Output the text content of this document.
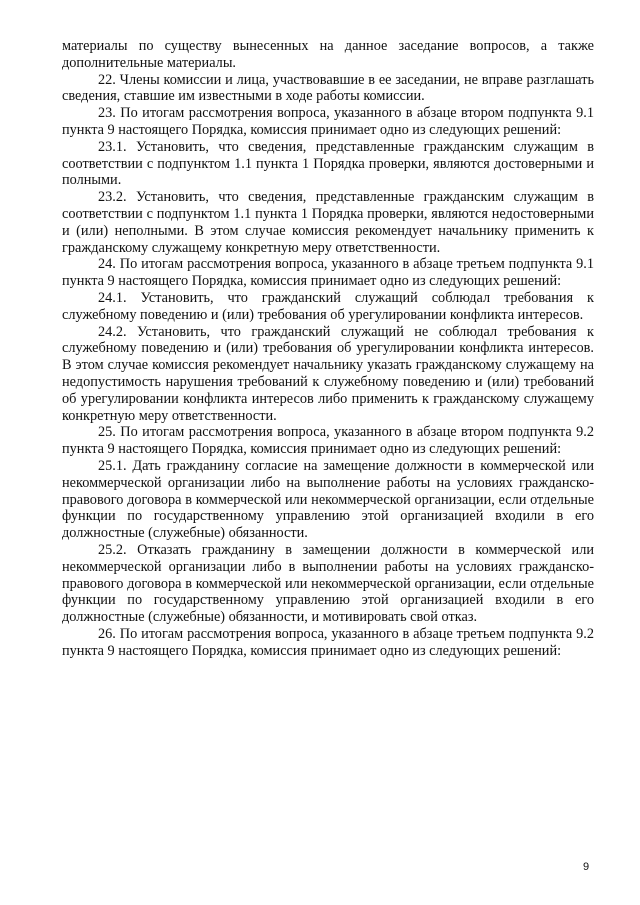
материалы по существу вынесенных на данное заседание вопросов, а также дополнительные материалы.

22. Члены комиссии и лица, участвовавшие в ее заседании, не вправе разглашать сведения, ставшие им известными в ходе работы комиссии.

23. По итогам рассмотрения вопроса, указанного в абзаце втором подпункта 9.1 пункта 9 настоящего Порядка, комиссия принимает одно из следующих решений:

23.1. Установить, что сведения, представленные гражданским служащим в соответствии с подпунктом 1.1 пункта 1 Порядка проверки, являются достоверными и полными.

23.2. Установить, что сведения, представленные гражданским служащим в соответствии с подпунктом 1.1 пункта 1 Порядка проверки, являются недостоверными и (или) неполными. В этом случае комиссия рекомендует начальнику применить к гражданскому служащему конкретную меру ответственности.

24. По итогам рассмотрения вопроса, указанного в абзаце третьем подпункта 9.1 пункта 9 настоящего Порядка, комиссия принимает одно из следующих решений:

24.1. Установить, что гражданский служащий соблюдал требования к служебному поведению и (или) требования об урегулировании конфликта интересов.

24.2. Установить, что гражданский служащий не соблюдал требования к служебному поведению и (или) требования об урегулировании конфликта интересов. В этом случае комиссия рекомендует начальнику указать гражданскому служащему на недопустимость нарушения требований к служебному поведению и (или) требований об урегулировании конфликта интересов либо применить к гражданскому служащему конкретную меру ответственности.

25. По итогам рассмотрения вопроса, указанного в абзаце втором подпункта 9.2 пункта 9 настоящего Порядка, комиссия принимает одно из следующих решений:

25.1. Дать гражданину согласие на замещение должности в коммерческой или некоммерческой организации либо на выполнение работы на условиях гражданско-правового договора в коммерческой или некоммерческой организации, если отдельные функции по государственному управлению этой организацией входили в его должностные (служебные) обязанности.

25.2. Отказать гражданину в замещении должности в коммерческой или некоммерческой организации либо в выполнении работы на условиях гражданско-правового договора в коммерческой или некоммерческой организации, если отдельные функции по государственному управлению этой организацией входили в его должностные (служебные) обязанности, и мотивировать свой отказ.

26. По итогам рассмотрения вопроса, указанного в абзаце третьем подпункта 9.2 пункта 9 настоящего Порядка, комиссия принимает одно из следующих решений:

9
